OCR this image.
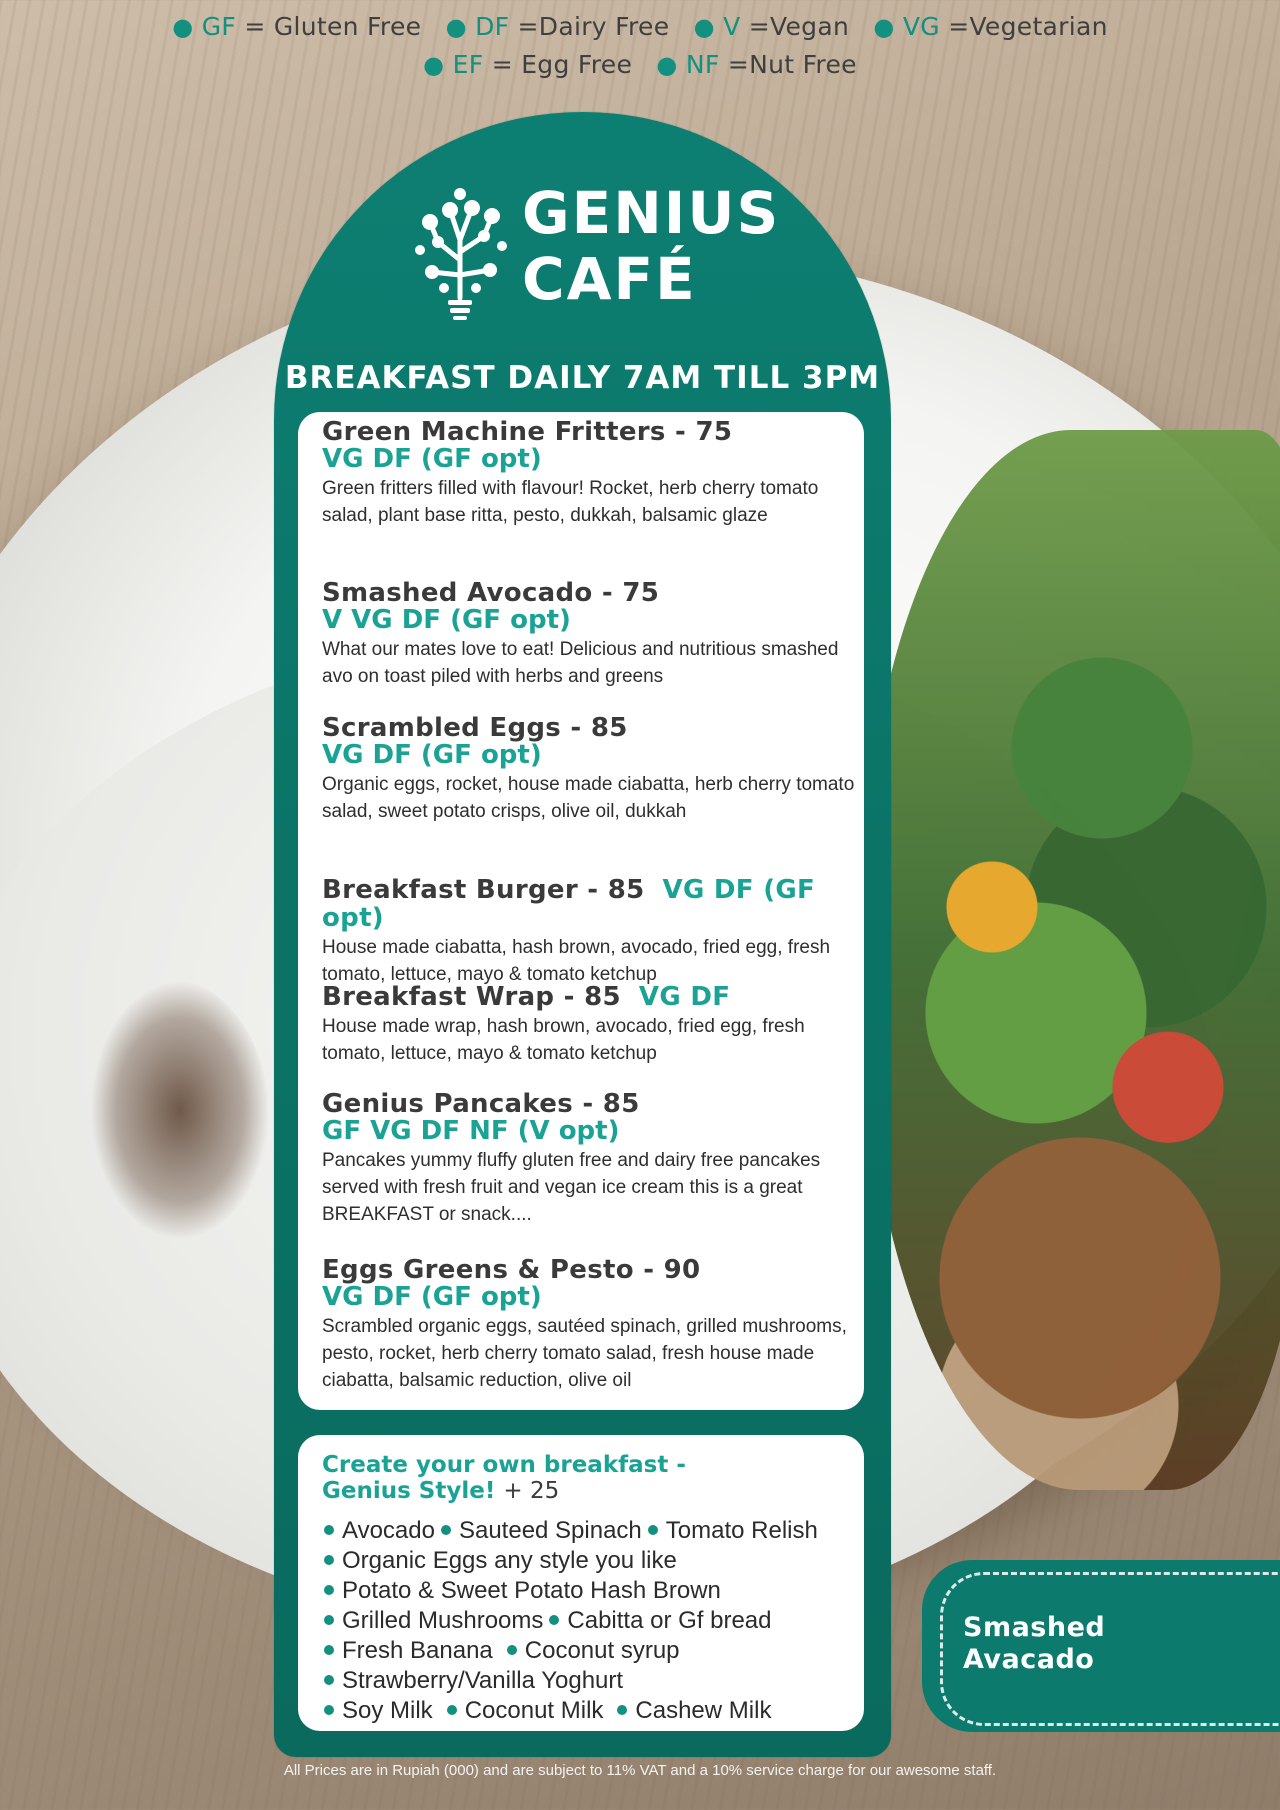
● GF = Gluten Free ● DF =Dairy Free ● V =Vegan ● VG =Vegetarian
● EF = Egg Free ● NF =Nut Free
GENIUS
CAFÉ
BREAKFAST DAILY 7AM TILL 3PM
Green Machine Fritters - 75
VG DF (GF opt)
Green fritters filled with flavour! Rocket, herb cherry tomato salad, plant base ritta, pesto, dukkah, balsamic glaze
Smashed Avocado - 75
V VG DF (GF opt)
What our mates love to eat! Delicious and nutritious smashed avo on toast piled with herbs and greens
Scrambled Eggs - 85
VG DF (GF opt)
Organic eggs, rocket, house made ciabatta, herb cherry tomato salad, sweet potato crisps, olive oil, dukkah
Breakfast Burger - 85 VG DF (GF opt)
House made ciabatta, hash brown, avocado, fried egg, fresh tomato, lettuce, mayo & tomato ketchup
Breakfast Wrap - 85 VG DF
House made wrap, hash brown, avocado, fried egg, fresh tomato, lettuce, mayo & tomato ketchup
Genius Pancakes - 85
GF VG DF NF (V opt)
Pancakes yummy fluffy gluten free and dairy free pancakes served with fresh fruit and vegan ice cream this is a great BREAKFAST or snack....
Eggs Greens & Pesto - 90
VG DF (GF opt)
Scrambled organic eggs, sautéed spinach, grilled mushrooms, pesto, rocket, herb cherry tomato salad, fresh house made ciabatta, balsamic reduction, olive oil
Create your own breakfast -
Genius Style! + 25
Avocado Sauteed Spinach Tomato Relish
Organic Eggs any style you like
Potato & Sweet Potato Hash Brown
Grilled Mushrooms Cabitta or Gf bread
Fresh Banana Coconut syrup
Strawberry/Vanilla Yoghurt
Soy Milk Coconut Milk Cashew Milk
Smashed
Avacado
All Prices are in Rupiah (000) and are subject to 11% VAT and a 10% service charge for our awesome staff.
